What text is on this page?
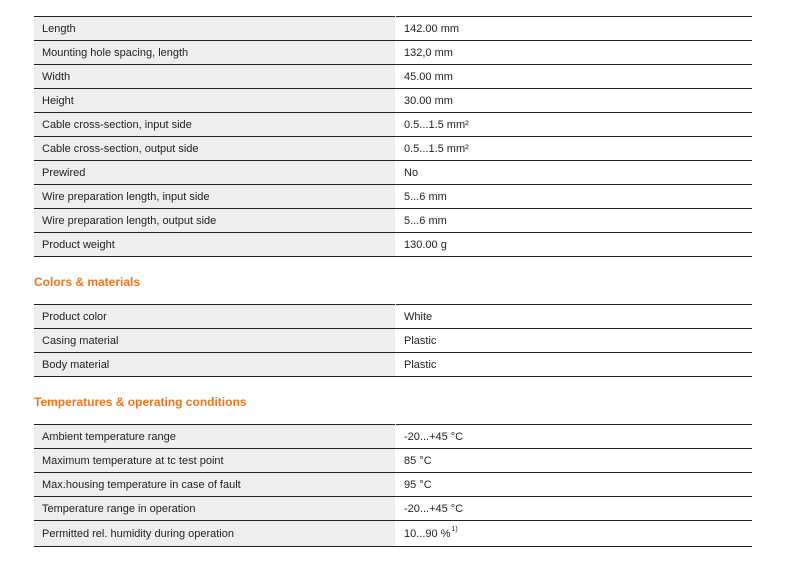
Length	142.00 mm
Mounting hole spacing, length	132,0 mm
Width	45.00 mm
Height	30.00 mm
Cable cross-section, input side	0.5...1.5 mm²
Cable cross-section, output side	0.5...1.5 mm²
Prewired	No
Wire preparation length, input side	5...6 mm
Wire preparation length, output side	5...6 mm
Product weight	130.00 g
Colors & materials
Product color	White
Casing material	Plastic
Body material	Plastic
Temperatures & operating conditions
Ambient temperature range	-20...+45 °C
Maximum temperature at tc test point	85 °C
Max.housing temperature in case of fault	95 °C
Temperature range in operation	-20...+45 °C
Permitted rel. humidity during operation	10...90 %$^{1)}$
